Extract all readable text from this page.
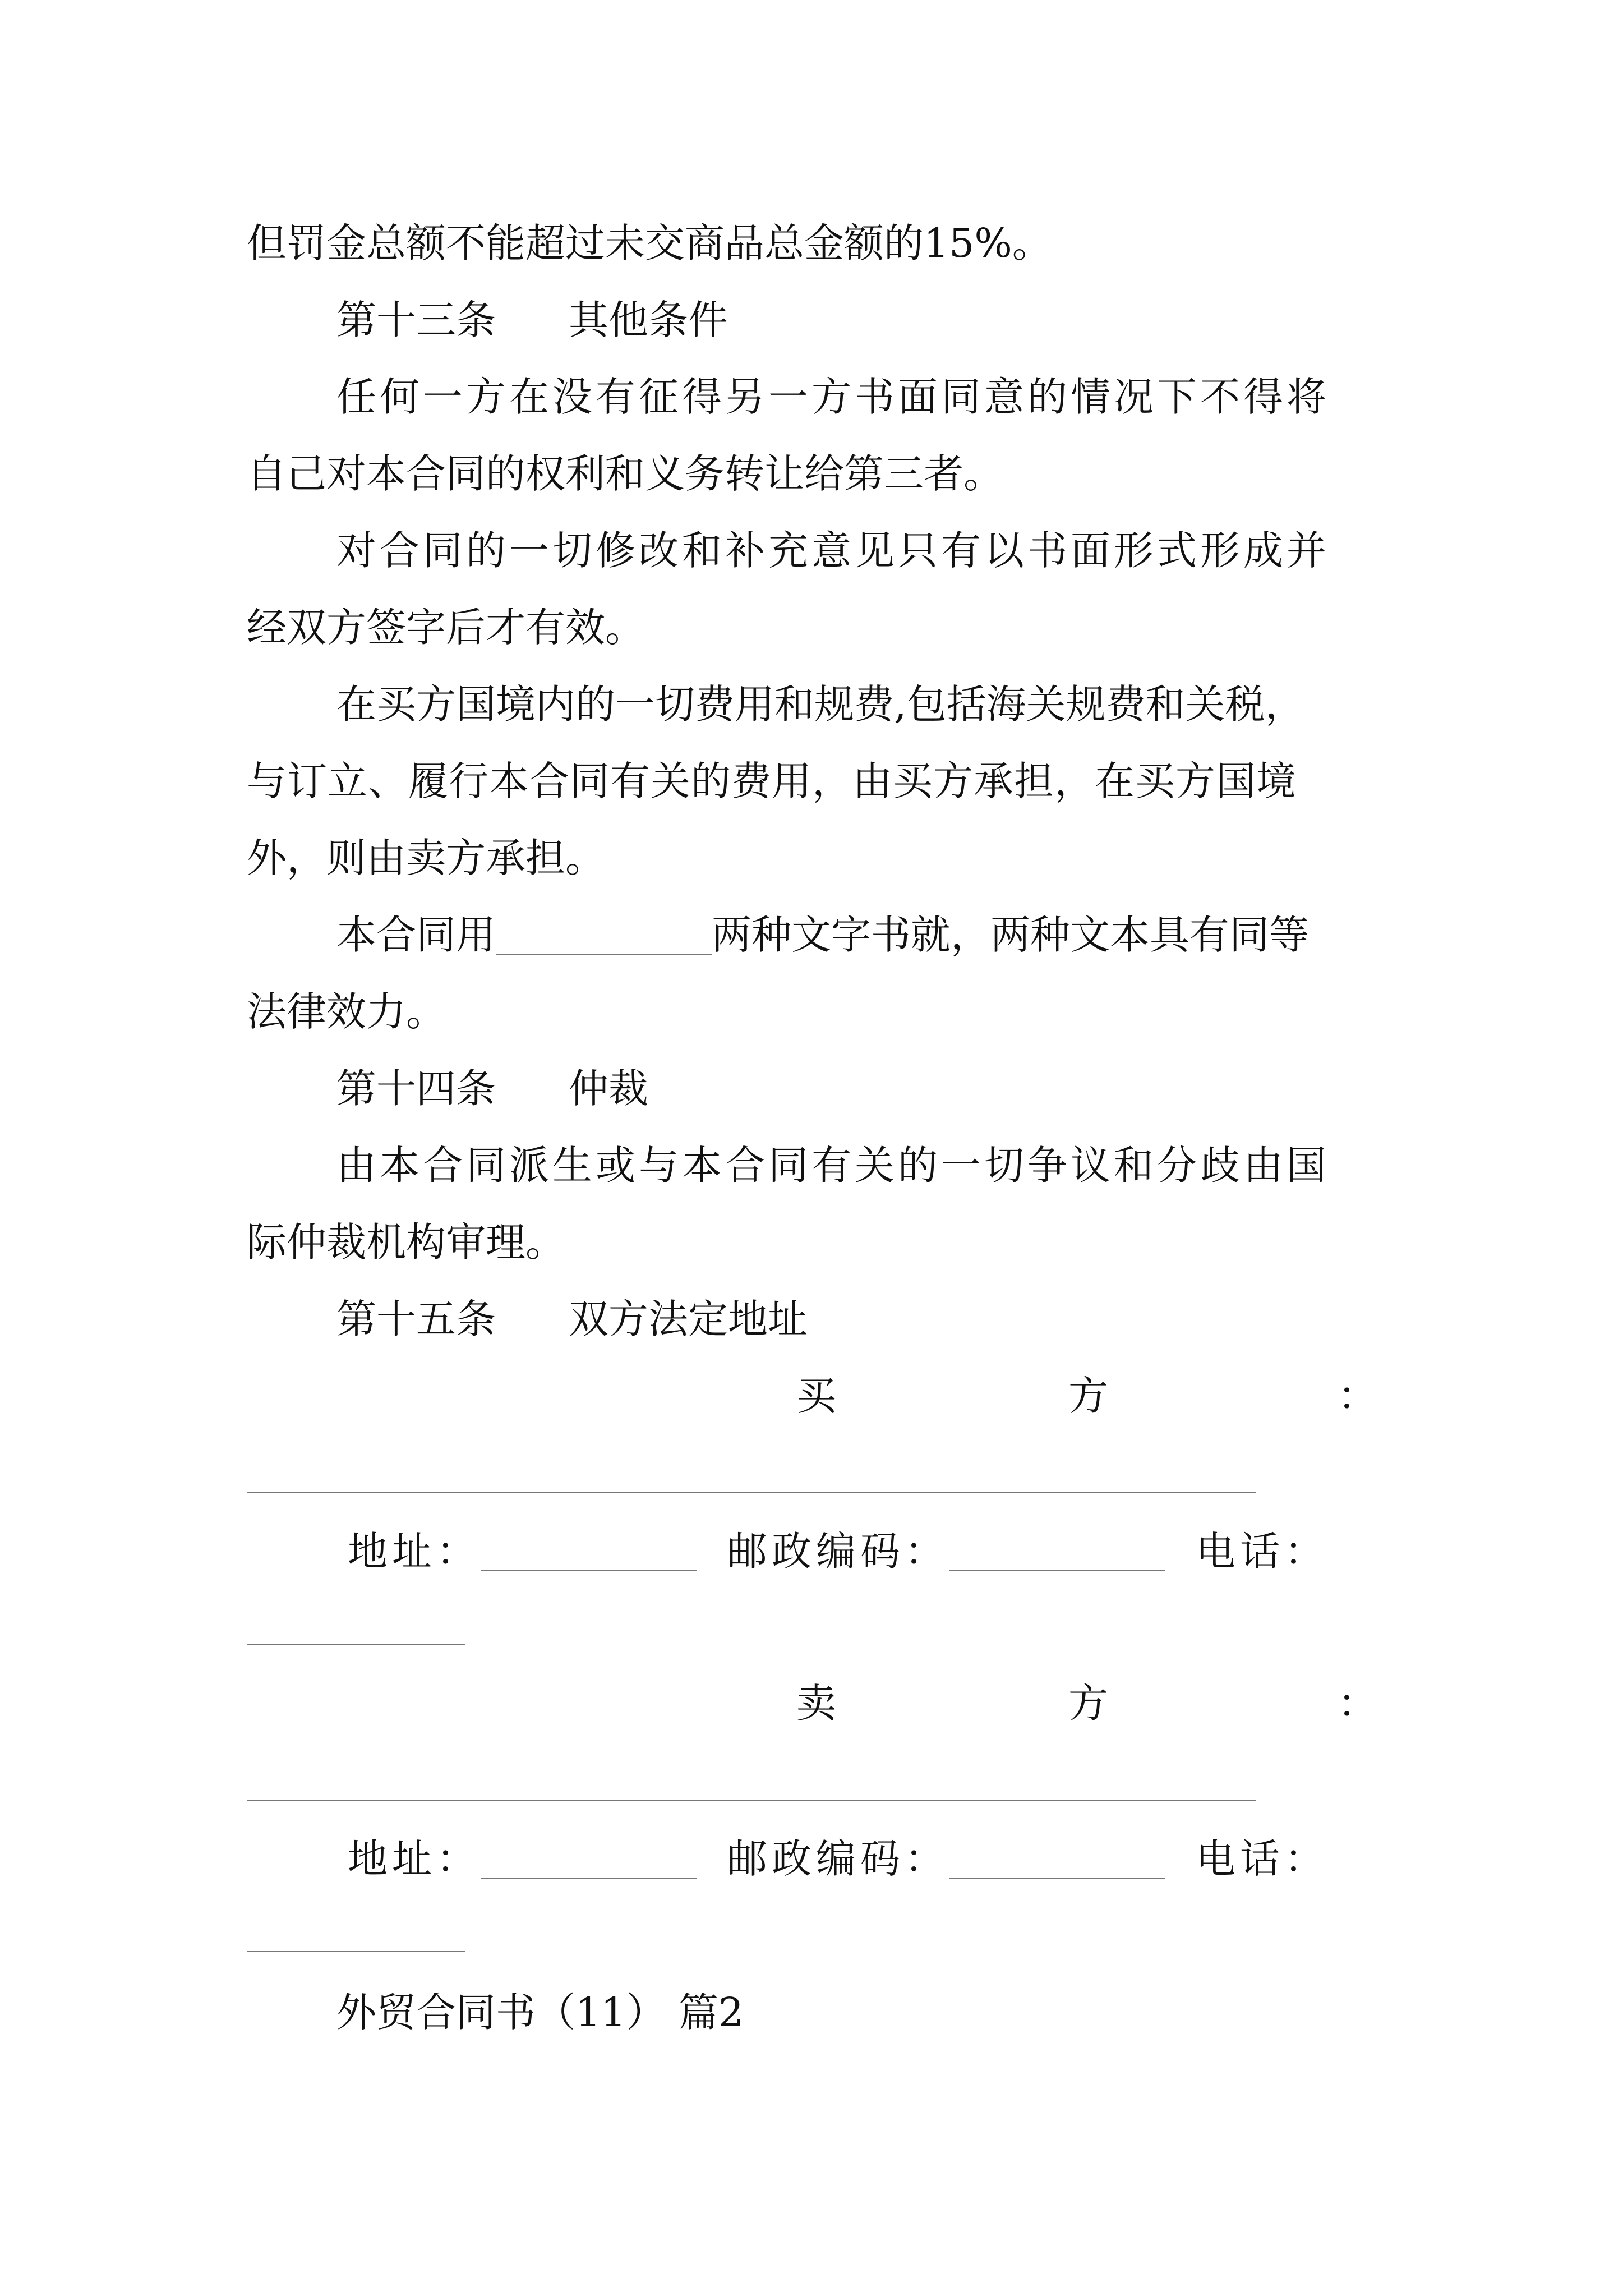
但罚金总额不能超过未交商品总金额的15%。
第十三条 其他条件
任何一方在没有征得另一方书面同意的情况下不得将
自己对本合同的权利和义务转让给第三者。
对合同的一切修改和补充意见只有以书面形式形成并
经双方签字后才有效。
在买方国境内的一切费用和规费,包括海关规费和关税，
与订立、履行本合同有关的费用，由买方承担，在买方国境
外，则由卖方承担。
本合同用	两种文字书就，两种文本具有同等
法律效力。
第十四条 仲裁
由本合同派生或与本合同有关的一切争议和分歧由国
际仲裁机构审理。
第十五条 双方法定地址
买	方	：
地址：	邮政编码：	电话：
卖	方	：
地址：	邮政编码：	电话：
外贸合同书（11） 篇2
